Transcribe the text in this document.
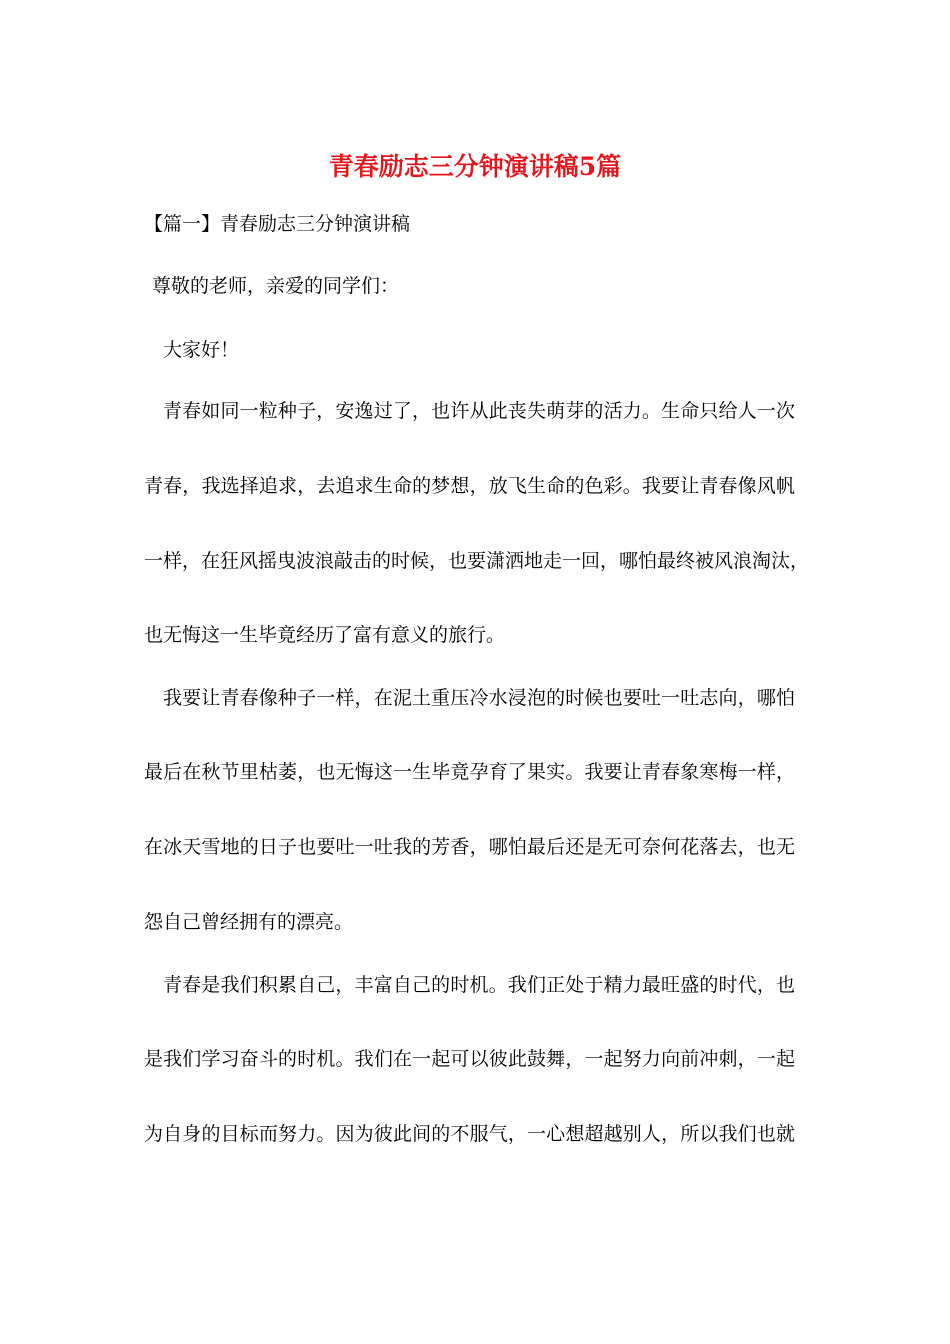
青春励志三分钟演讲稿5篇
【篇一】青春励志三分钟演讲稿
尊敬的老师，亲爱的同学们：
大家好！
青春如同一粒种子，安逸过了，也许从此丧失萌芽的活力。生命只给人一次
青春，我选择追求，去追求生命的梦想，放飞生命的色彩。我要让青春像风帆
一样，在狂风摇曳波浪敲击的时候，也要潇洒地走一回，哪怕最终被风浪淘汰，
也无悔这一生毕竟经历了富有意义的旅行。
我要让青春像种子一样，在泥土重压冷水浸泡的时候也要吐一吐志向，哪怕
最后在秋节里枯萎，也无悔这一生毕竟孕育了果实。我要让青春象寒梅一样，
在冰天雪地的日子也要吐一吐我的芳香，哪怕最后还是无可奈何花落去，也无
怨自己曾经拥有的漂亮。
青春是我们积累自己，丰富自己的时机。我们正处于精力最旺盛的时代，也
是我们学习奋斗的时机。我们在一起可以彼此鼓舞，一起努力向前冲刺，一起
为自身的目标而努力。因为彼此间的不服气，一心想超越别人，所以我们也就
